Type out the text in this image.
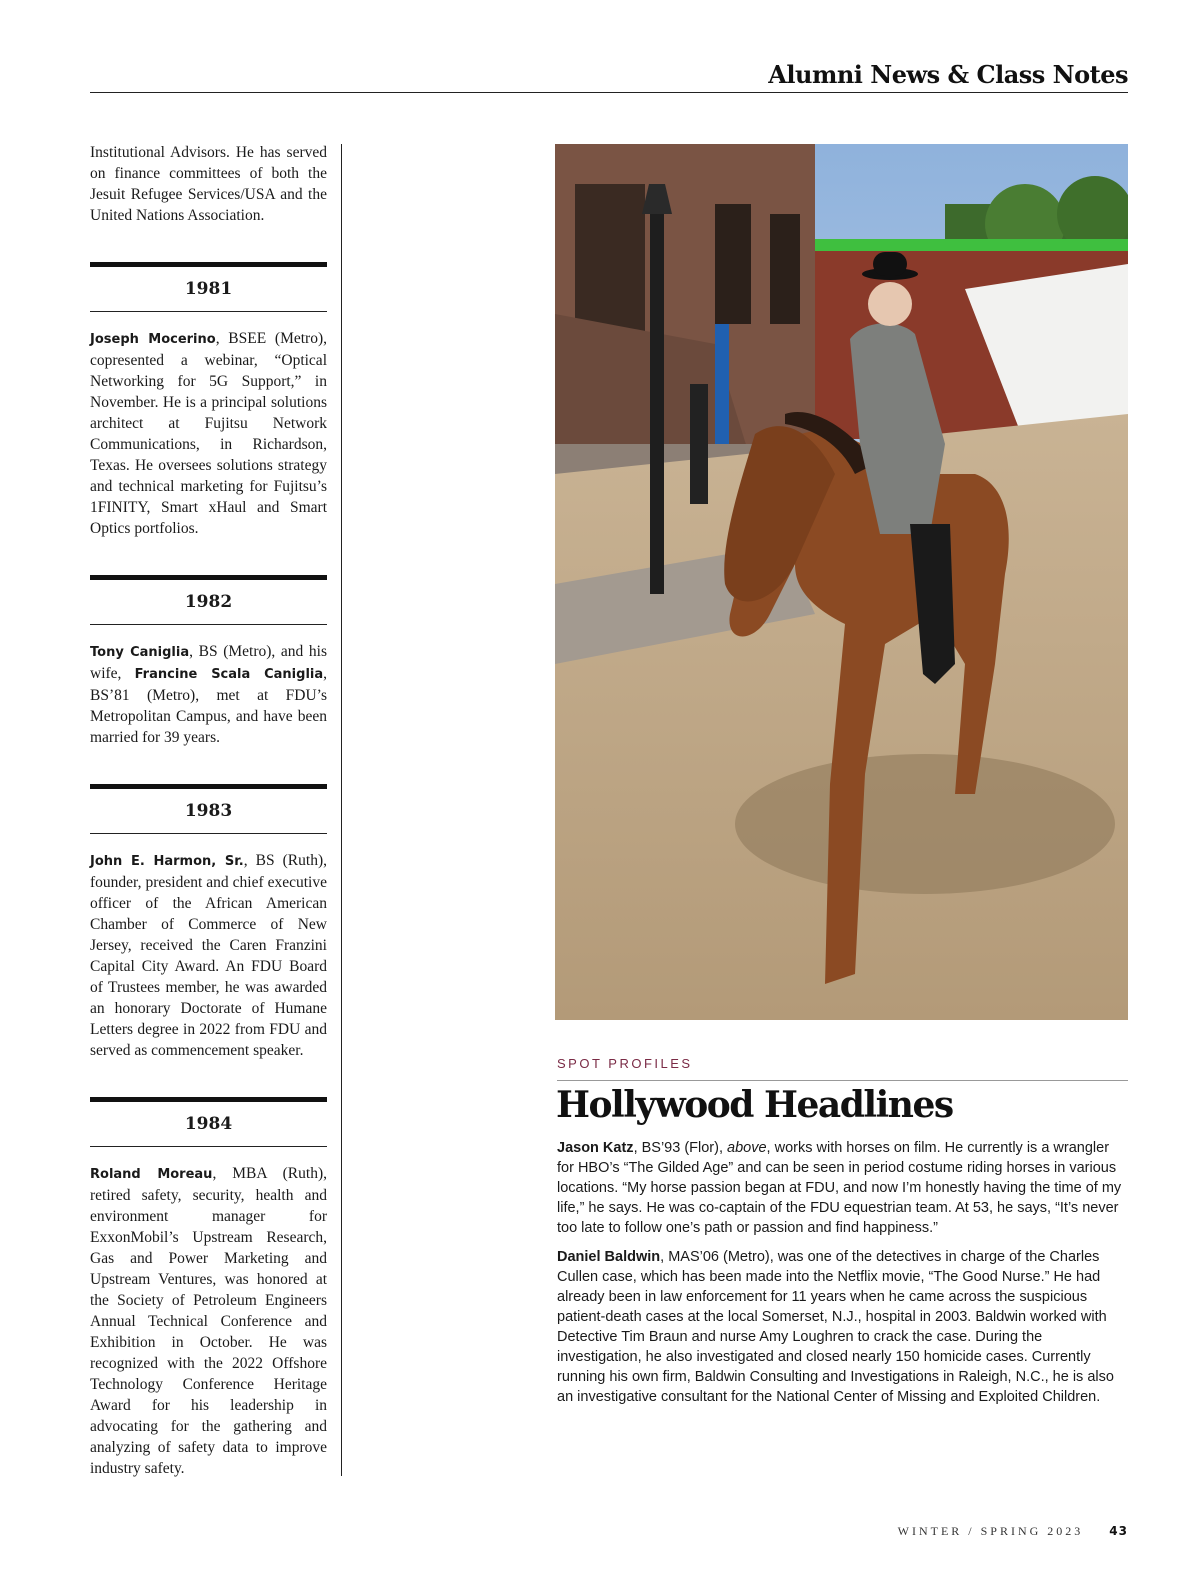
Alumni News & Class Notes

Institutional Advisors. He has served on finance committees of both the Jesuit Refugee Services/USA and the United Nations Association.

1981

Joseph Mocerino, BSEE (Metro), copresented a webinar, “Optical Networking for 5G Support,” in November. He is a principal solutions architect at Fujitsu Network Communications, in Richardson, Texas. He oversees solutions strategy and technical marketing for Fujitsu’s 1FINITY, Smart xHaul and Smart Optics portfolios.

1982

Tony Caniglia, BS (Metro), and his wife, Francine Scala Caniglia, BS’81 (Metro), met at FDU’s Metropolitan Campus, and have been married for 39 years.

1983

John E. Harmon, Sr., BS (Ruth), founder, president and chief executive officer of the African American Chamber of Commerce of New Jersey, received the Caren Franzini Capital City Award. An FDU Board of Trustees member, he was awarded an honorary Doctorate of Humane Letters degree in 2022 from FDU and served as commencement speaker.

1984

Roland Moreau, MBA (Ruth), retired safety, security, health and environment manager for ExxonMobil’s Upstream Research, Gas and Power Marketing and Upstream Ventures, was honored at the Society of Petroleum Engineers Annual Technical Conference and Exhibition in October. He was recognized with the 2022 Offshore Technology Conference Heritage Award for his leadership in advocating for the gathering and analyzing of safety data to improve industry safety.

SPOT PROFILES
Hollywood Headlines

Jason Katz, BS’93 (Flor), above, works with horses on film. He currently is a wrangler for HBO’s “The Gilded Age” and can be seen in period costume riding horses in various locations. “My horse passion began at FDU, and now I’m honestly having the time of my life,” he says. He was co-captain of the FDU equestrian team. At 53, he says, “It’s never too late to follow one’s path or passion and find happiness.”

Daniel Baldwin, MAS’06 (Metro), was one of the detectives in charge of the Charles Cullen case, which has been made into the Netflix movie, “The Good Nurse.” He had already been in law enforcement for 11 years when he came across the suspicious patient-death cases at the local Somerset, N.J., hospital in 2003. Baldwin worked with Detective Tim Braun and nurse Amy Loughren to crack the case. During the investigation, he also investigated and closed nearly 150 homicide cases. Currently running his own firm, Baldwin Consulting and Investigations in Raleigh, N.C., he is also an investigative consultant for the National Center of Missing and Exploited Children.

WINTER / SPRING 2023 43
